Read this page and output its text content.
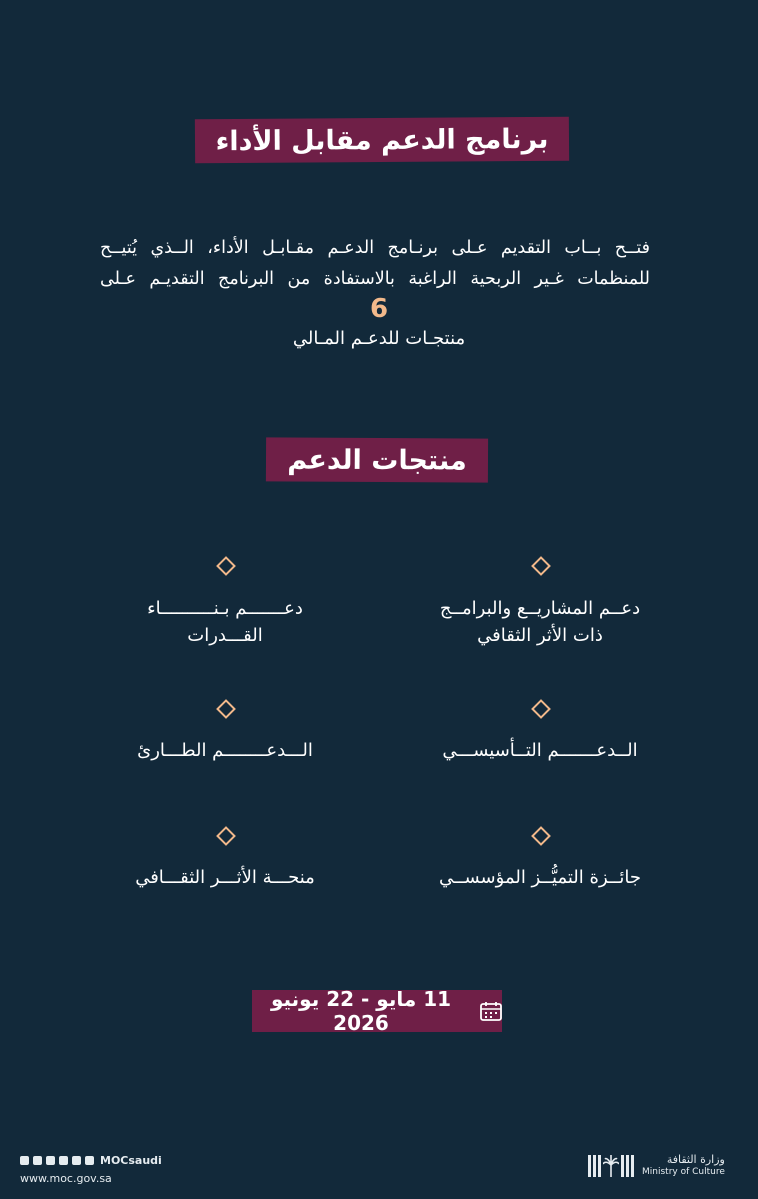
برنامج الدعم مقابل الأداء
فتــح بــاب التقديم عـلى برنـامج الدعـم مقـابـل الأداء، الــذي يُتيــح
للمنظمات غـير الربحية الراغبة بالاستفادة من البرنامج التقديـم عـلى
6
منتجـات للدعـم المـالي
منتجات الدعم
دعــم المشاريــع والبرامــج
ذات الأثر الثقافي
دعـــــــم بـنــــــــــاء
القـــدرات
الــدعـــــــم التــأسيســـي
الـــدعــــــــم الطـــارئ
جائــزة التميُّــز المؤسســي
منحـــة الأثـــر الثقـــافي
11 مايو - 22 يونيو 2026
MOCsaudi
www.moc.gov.sa
وزارة الثقافة
Ministry of Culture
